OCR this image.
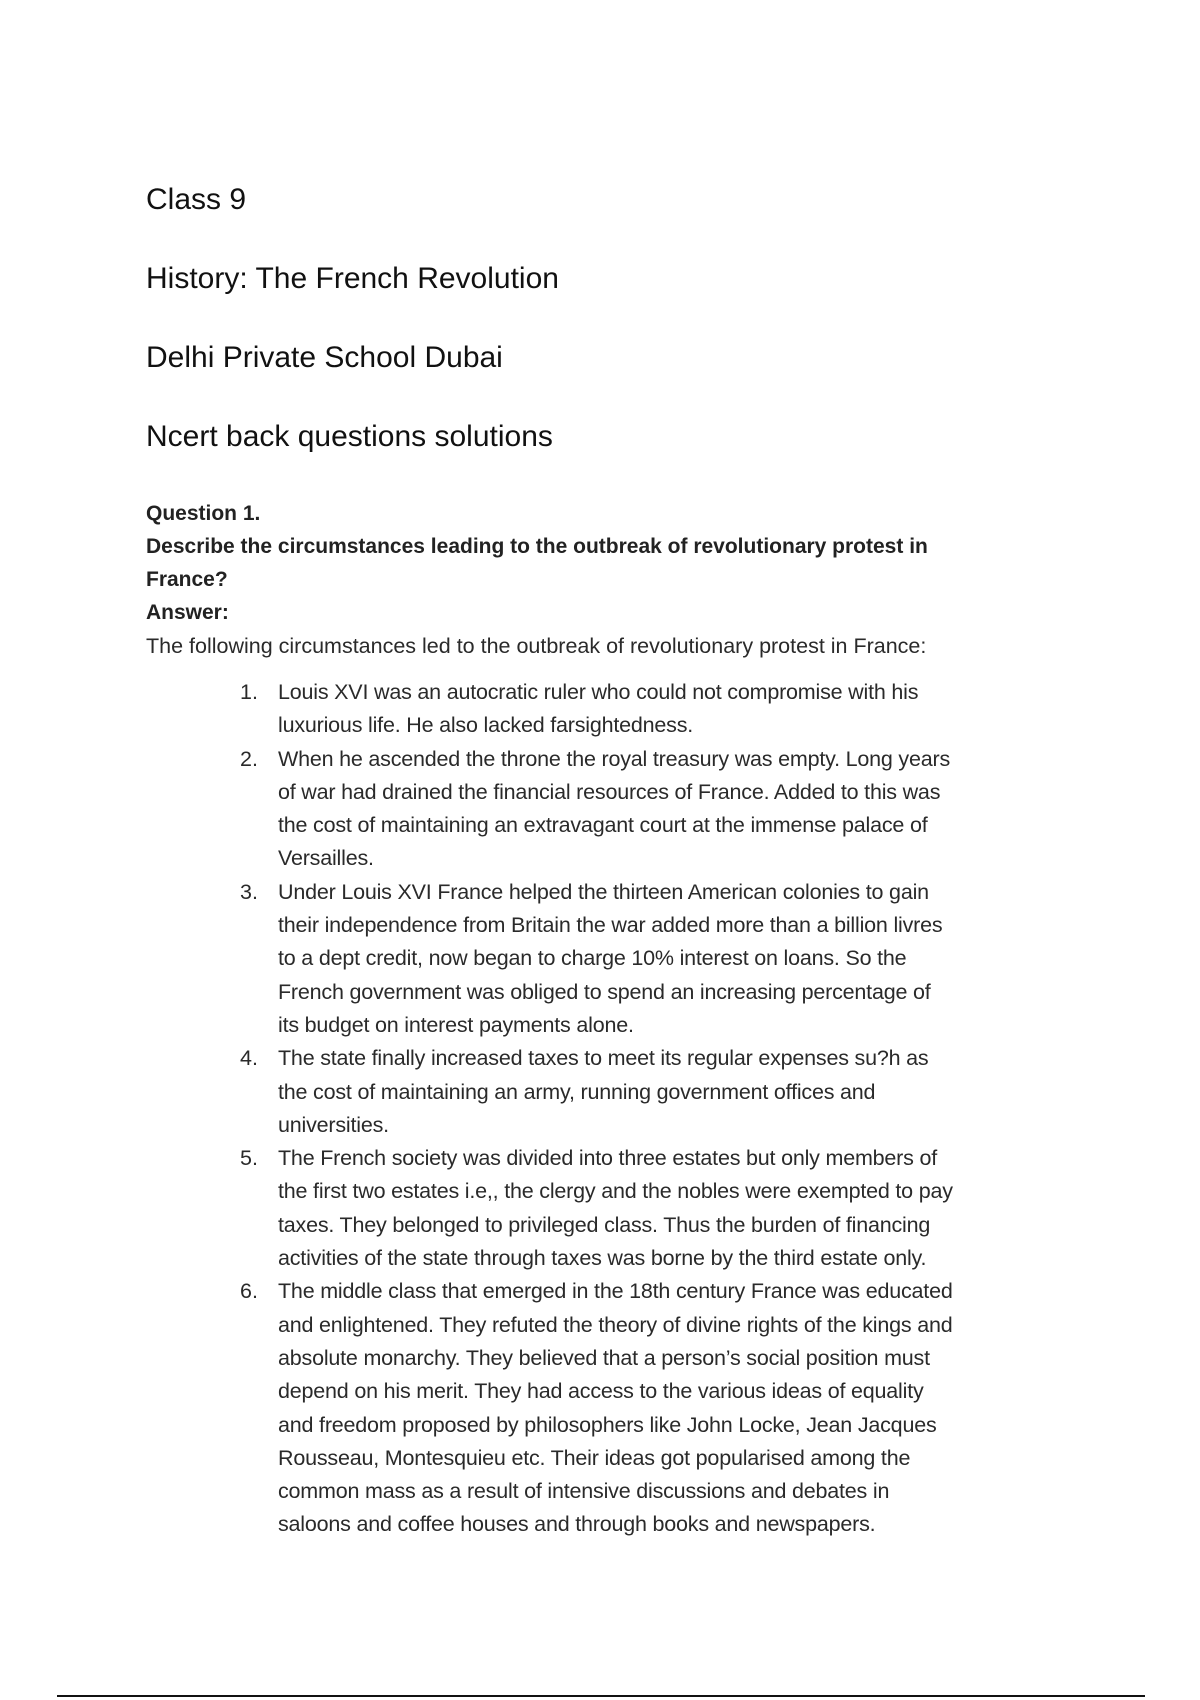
Class 9
History: The French Revolution
Delhi Private School Dubai
Ncert back questions solutions
Question 1.
Describe the circumstances leading to the outbreak of revolutionary protest in
France?
Answer:
The following circumstances led to the outbreak of revolutionary protest in France:
1. Louis XVI was an autocratic ruler who could not compromise with his
luxurious life. He also lacked farsightedness.
2. When he ascended the throne the royal treasury was empty. Long years
of war had drained the financial resources of France. Added to this was
the cost of maintaining an extravagant court at the immense palace of
Versailles.
3. Under Louis XVI France helped the thirteen American colonies to gain
their independence from Britain the war added more than a billion livres
to a dept credit, now began to charge 10% interest on loans. So the
French government was obliged to spend an increasing percentage of
its budget on interest payments alone.
4. The state finally increased taxes to meet its regular expenses su?h as
the cost of maintaining an army, running government offices and
universities.
5. The French society was divided into three estates but only members of
the first two estates i.e,, the clergy and the nobles were exempted to pay
taxes. They belonged to privileged class. Thus the burden of financing
activities of the state through taxes was borne by the third estate only.
6. The middle class that emerged in the 18th century France was educated
and enlightened. They refuted the theory of divine rights of the kings and
absolute monarchy. They believed that a person’s social position must
depend on his merit. They had access to the various ideas of equality
and freedom proposed by philosophers like John Locke, Jean Jacques
Rousseau, Montesquieu etc. Their ideas got popularised among the
common mass as a result of intensive discussions and debates in
saloons and coffee houses and through books and newspapers.
